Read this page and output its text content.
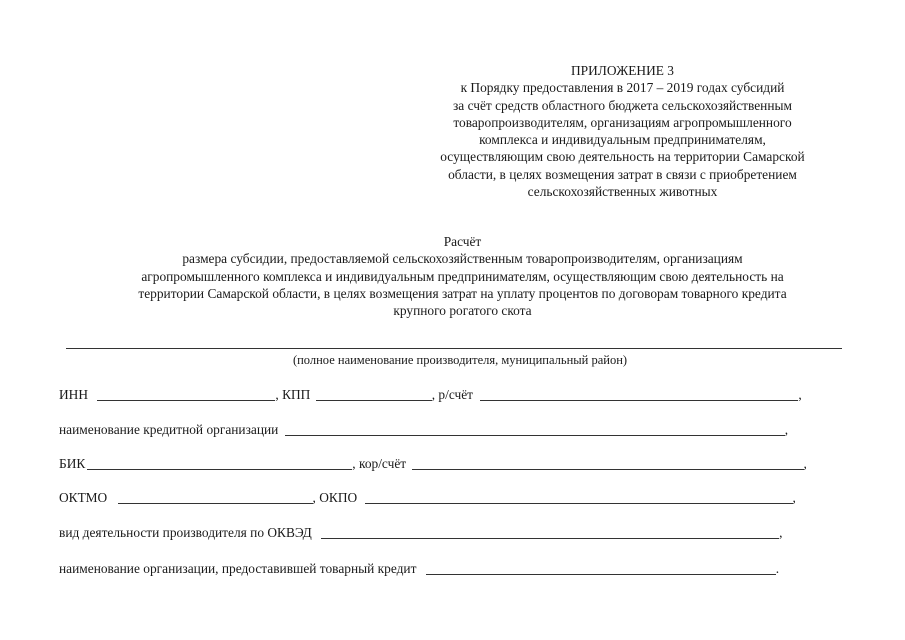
ПРИЛОЖЕНИЕ 3
к Порядку предоставления в 2017 – 2019 годах субсидий
за счёт средств областного бюджета сельскохозяйственным
товаропроизводителям, организациям агропромышленного
комплекса и индивидуальным предпринимателям,
осуществляющим свою деятельность на территории Самарской
области, в целях возмещения затрат в связи с приобретением
сельскохозяйственных животных
Расчёт
размера субсидии, предоставляемой сельскохозяйственным товаропроизводителям, организациям
агропромышленного комплекса и индивидуальным предпринимателям, осуществляющим свою деятельность на
территории Самарской области, в целях возмещения затрат на уплату процентов по договорам товарного кредита
крупного рогатого скота
(полное наименование производителя, муниципальный район)
ИНН	, КПП	, р/счёт	,
наименование кредитной организации	,
БИК	, кор/счёт	,
ОКТМО	, ОКПО	,
вид деятельности производителя по ОКВЭД	,
наименование организации, предоставившей товарный кредит	.
